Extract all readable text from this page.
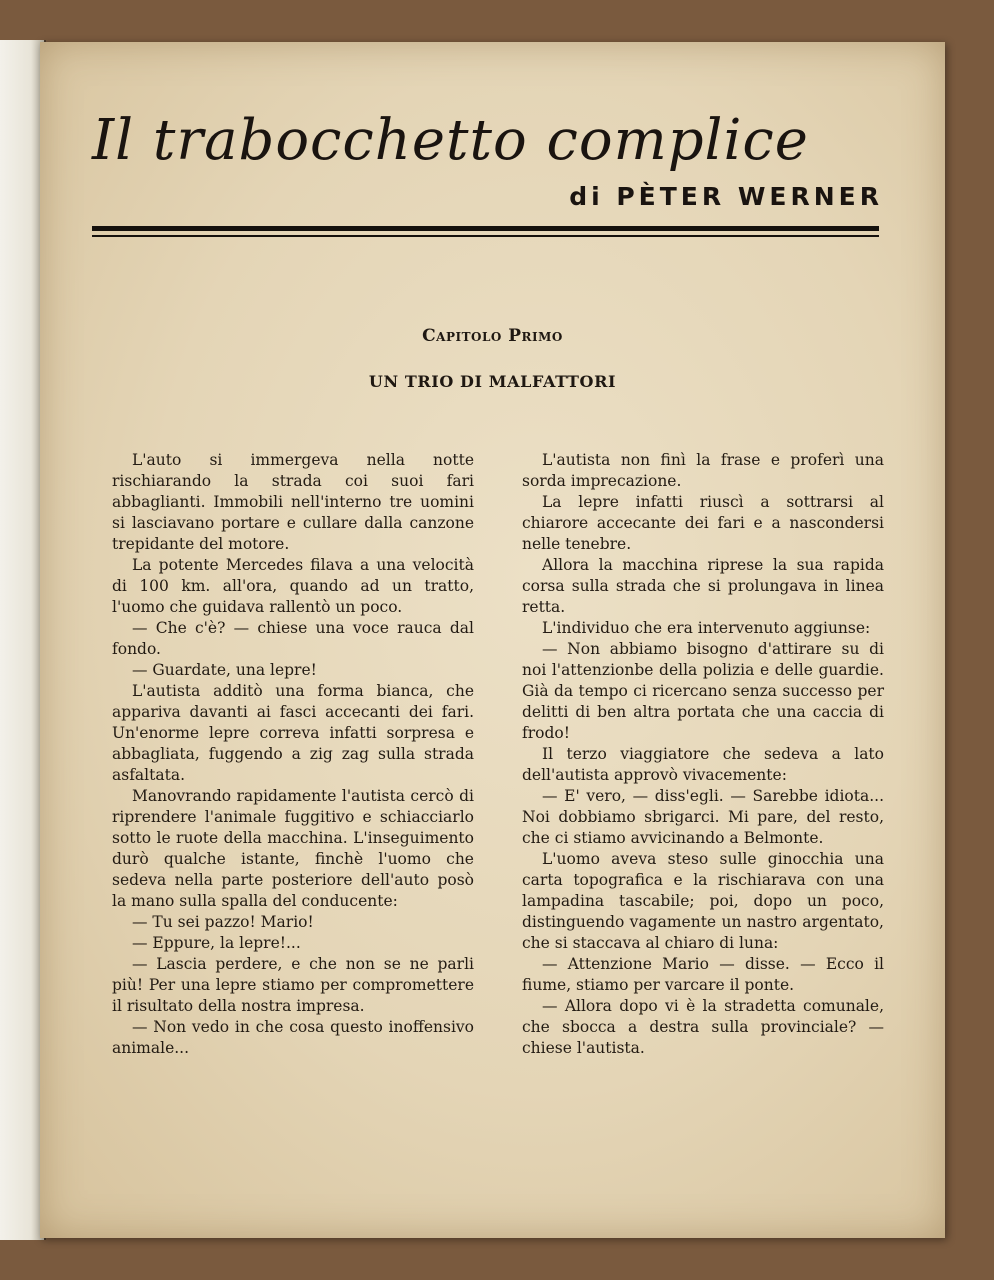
Il trabocchetto complice
di PÈTER WERNER
Capitolo Primo
UN TRIO DI MALFATTORI

L'auto si immergeva nella notte rischiarando la strada coi suoi fari abbaglianti. Immobili nell'interno tre uomini si lasciavano portare e cullare dalla canzone trepidante del motore.

La potente Mercedes filava a una velocità di 100 km. all'ora, quando ad un tratto, l'uomo che guidava rallentò un poco.

— Che c'è? — chiese una voce rauca dal fondo.

— Guardate, una lepre!

L'autista additò una forma bianca, che appariva davanti ai fasci accecanti dei fari. Un'enorme lepre correva infatti sorpresa e abbagliata, fuggendo a zig zag sulla strada asfaltata.

Manovrando rapidamente l'autista cercò di riprendere l'animale fuggitivo e schiacciarlo sotto le ruote della macchina. L'inseguimento durò qualche istante, finchè l'uomo che sedeva nella parte posteriore dell'auto posò la mano sulla spalla del conducente:

— Tu sei pazzo! Mario!

— Eppure, la lepre!...

— Lascia perdere, e che non se ne parli più! Per una lepre stiamo per compromettere il risultato della nostra impresa.

— Non vedo in che cosa questo inoffensivo animale...

L'autista non finì la frase e proferì una sorda imprecazione.

La lepre infatti riuscì a sottrarsi al chiarore accecante dei fari e a nascondersi nelle tenebre.

Allora la macchina riprese la sua rapida corsa sulla strada che si prolungava in linea retta.

L'individuo che era intervenuto aggiunse:

— Non abbiamo bisogno d'attirare su di noi l'attenzionbe della polizia e delle guardie. Già da tempo ci ricercano senza successo per delitti di ben altra portata che una caccia di frodo!

Il terzo viaggiatore che sedeva a lato dell'autista approvò vivacemente:

— E' vero, — diss'egli. — Sarebbe idiota... Noi dobbiamo sbrigarci. Mi pare, del resto, che ci stiamo avvicinando a Belmonte.

L'uomo aveva steso sulle ginocchia una carta topografica e la rischiarava con una lampadina tascabile; poi, dopo un poco, distinguendo vagamente un nastro argentato, che si staccava al chiaro di luna:

— Attenzione Mario — disse. — Ecco il fiume, stiamo per varcare il ponte.

— Allora dopo vi è la stradetta comunale, che sbocca a destra sulla provinciale? — chiese l'autista.
